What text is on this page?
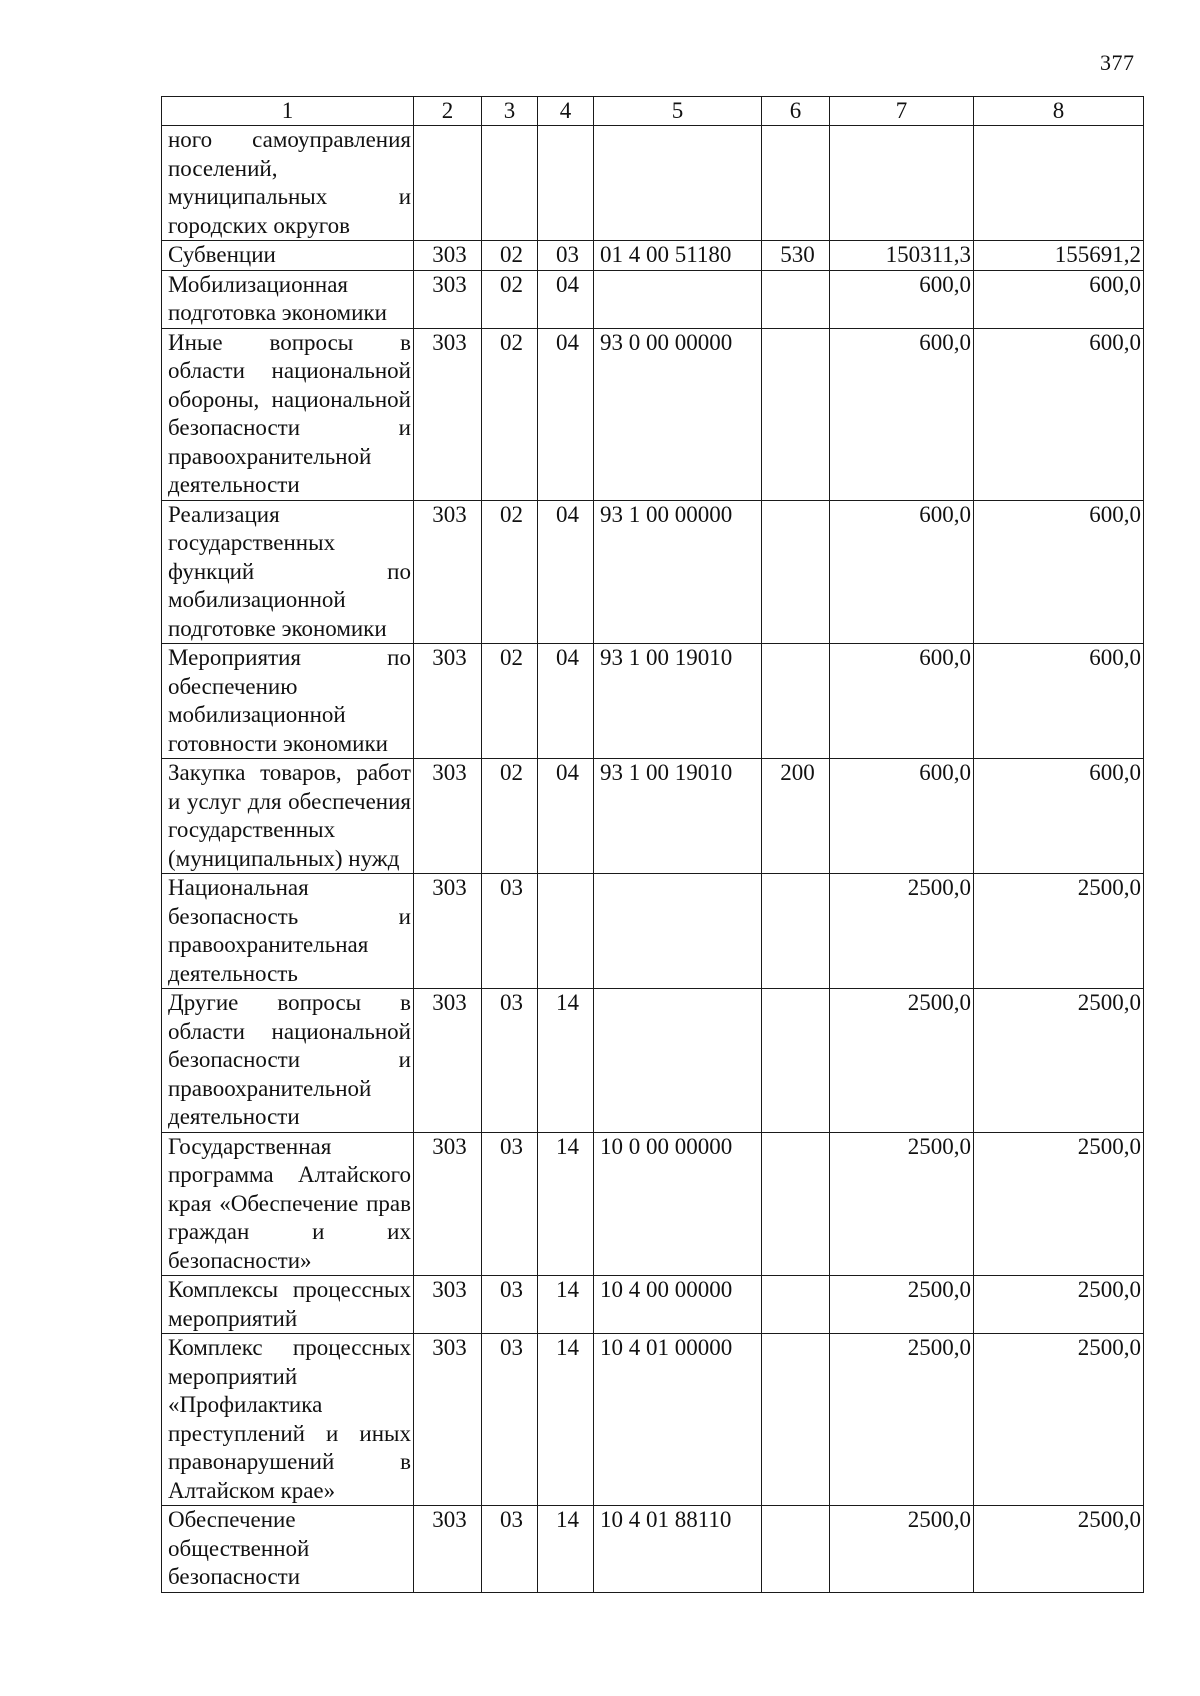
377
1	2	3	4	5	6	7	8
ного самоуправления поселений, муниципальных и городских округов							
Субвенции	303	02	03	01 4 00 51180	530	150311,3	155691,2
Мобилизационная подготовка экономики	303	02	04			600,0	600,0
Иные вопросы в области национальной обороны, национальной безопасности и правоохранительной деятельности	303	02	04	93 0 00 00000		600,0	600,0
Реализация государственных функций по мобилизационной подготовке экономики	303	02	04	93 1 00 00000		600,0	600,0
Мероприятия по обеспечению мобилизационной готовности экономики	303	02	04	93 1 00 19010		600,0	600,0
Закупка товаров, работ и услуг для обеспечения государственных (муниципальных) нужд	303	02	04	93 1 00 19010	200	600,0	600,0
Национальная безопасность и правоохранительная деятельность	303	03				2500,0	2500,0
Другие вопросы в области национальной безопасности и правоохранительной деятельности	303	03	14			2500,0	2500,0
Государственная программа Алтайского края «Обеспечение прав граждан и их безопасности»	303	03	14	10 0 00 00000		2500,0	2500,0
Комплексы процессных мероприятий	303	03	14	10 4 00 00000		2500,0	2500,0
Комплекс процессных мероприятий «Профилактика преступлений и иных правонарушений в Алтайском крае»	303	03	14	10 4 01 00000		2500,0	2500,0
Обеспечение общественной безопасности	303	03	14	10 4 01 88110		2500,0	2500,0
